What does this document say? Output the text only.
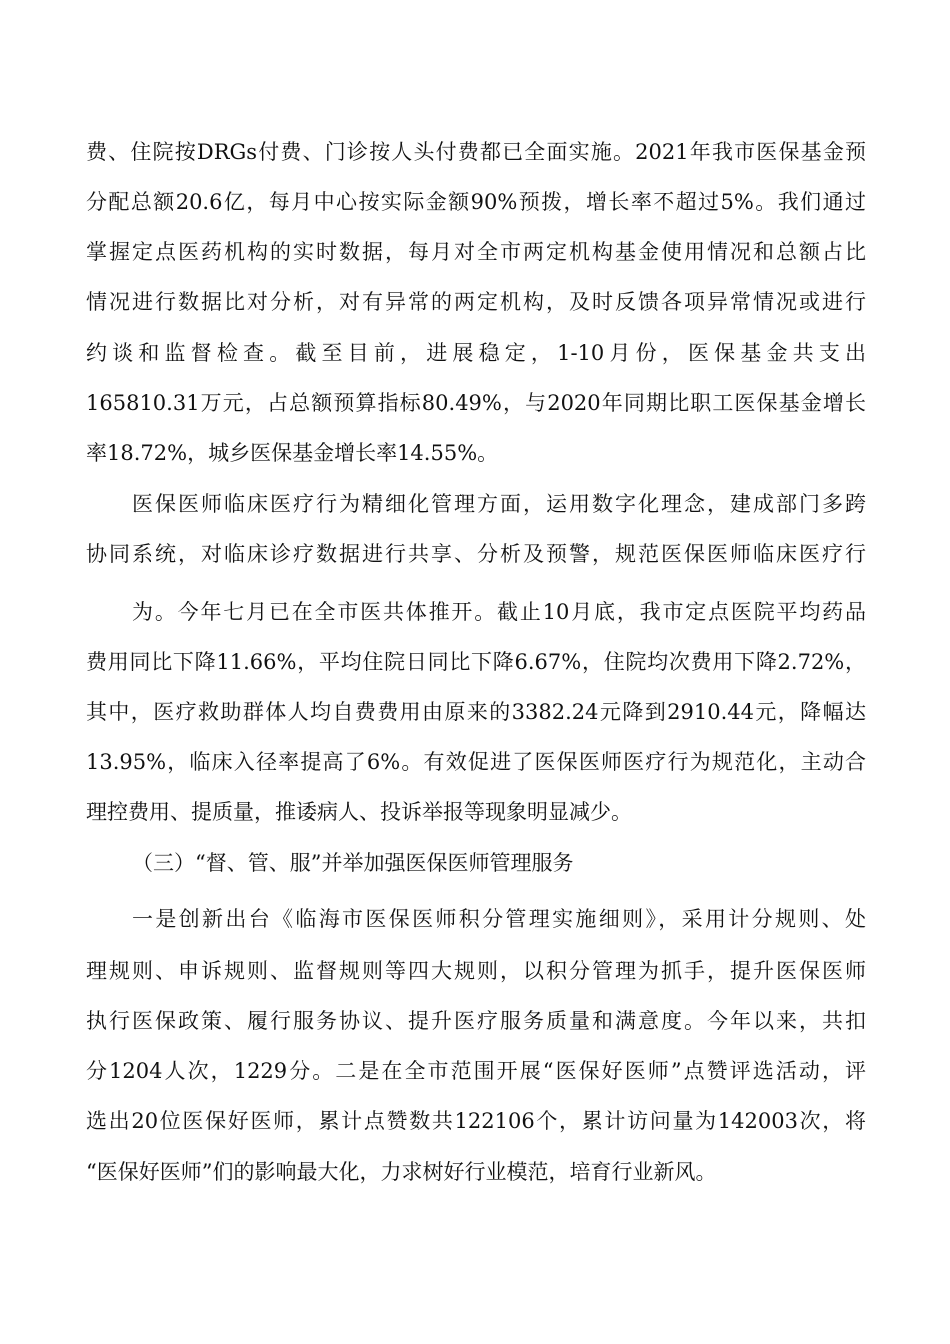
费、住院按DRGs付费、门诊按人头付费都已全面实施。2021年我市医保基金预
分配总额20.6亿，每月中心按实际金额90%预拨，增长率不超过5%。我们通过
掌握定点医药机构的实时数据，每月对全市两定机构基金使用情况和总额占比
情况进行数据比对分析，对有异常的两定机构，及时反馈各项异常情况或进行
约谈和监督检查。截至目前，进展稳定，1-10月份，医保基金共支出
165810.31万元，占总额预算指标80.49%，与2020年同期比职工医保基金增长
率18.72%，城乡医保基金增长率14.55%。
医保医师临床医疗行为精细化管理方面，运用数字化理念，建成部门多跨
协同系统，对临床诊疗数据进行共享、分析及预警，规范医保医师临床医疗行
为。今年七月已在全市医共体推开。截止10月底，我市定点医院平均药品
费用同比下降11.66%，平均住院日同比下降6.67%，住院均次费用下降2.72%，
其中，医疗救助群体人均自费费用由原来的3382.24元降到2910.44元，降幅达
13.95%，临床入径率提高了6%。有效促进了医保医师医疗行为规范化，主动合
理控费用、提质量，推诿病人、投诉举报等现象明显减少。
（三）“督、管、服”并举加强医保医师管理服务
一是创新出台《临海市医保医师积分管理实施细则》，采用计分规则、处
理规则、申诉规则、监督规则等四大规则，以积分管理为抓手，提升医保医师
执行医保政策、履行服务协议、提升医疗服务质量和满意度。今年以来，共扣
分1204人次，1229分。二是在全市范围开展“医保好医师”点赞评选活动，评
选出20位医保好医师，累计点赞数共122106个，累计访问量为142003次，将
“医保好医师”们的影响最大化，力求树好行业模范，培育行业新风。
